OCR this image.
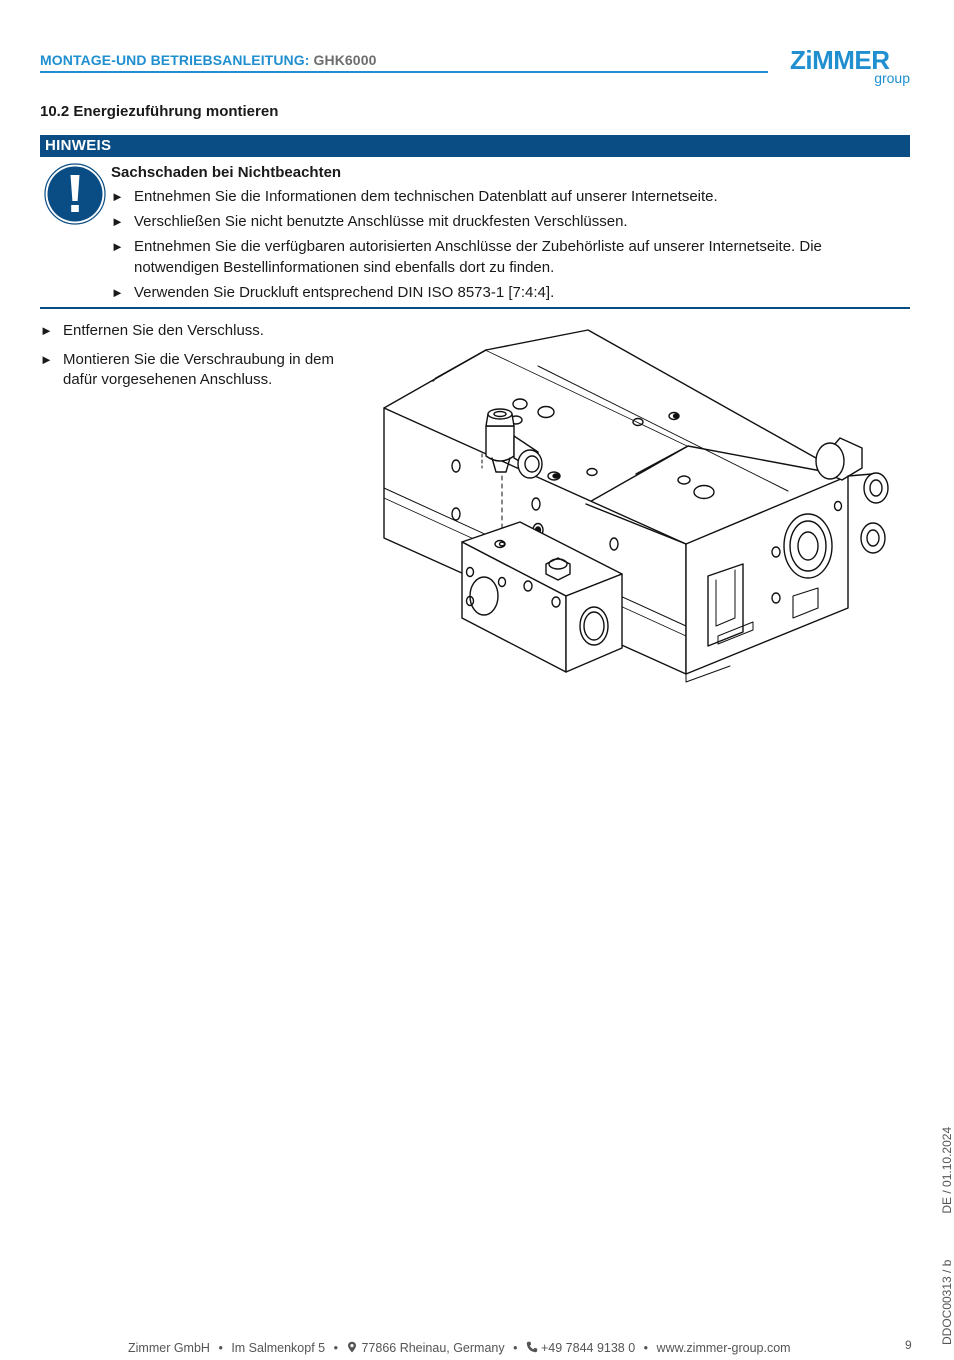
MONTAGE-UND BETRIEBSANLEITUNG: GHK6000	ZiMMER
group
10.2 Energiezuführung montieren
HINWEIS
Sachschaden bei Nichtbeachten
► Entnehmen Sie die Informationen dem technischen Datenblatt auf unserer Internetseite.
► Verschließen Sie nicht benutzte Anschlüsse mit druckfesten Verschlüssen.
► Entnehmen Sie die verfügbaren autorisierten Anschlüsse der Zubehörliste auf unserer Internetseite. Die notwendigen Bestellinformationen sind ebenfalls dort zu finden.
► Verwenden Sie Druckluft entsprechend DIN ISO 8573-1 [7:4:4].
► Entfernen Sie den Verschluss.
► Montieren Sie die Verschraubung in dem dafür vorgesehenen Anschluss.
DDOC00313 / bDE / 01.10.2024
Zimmer GmbH • Im Salmenkopf 5 • 77866 Rheinau, Germany • +49 7844 9138 0 • www.zimmer-group.com	9
